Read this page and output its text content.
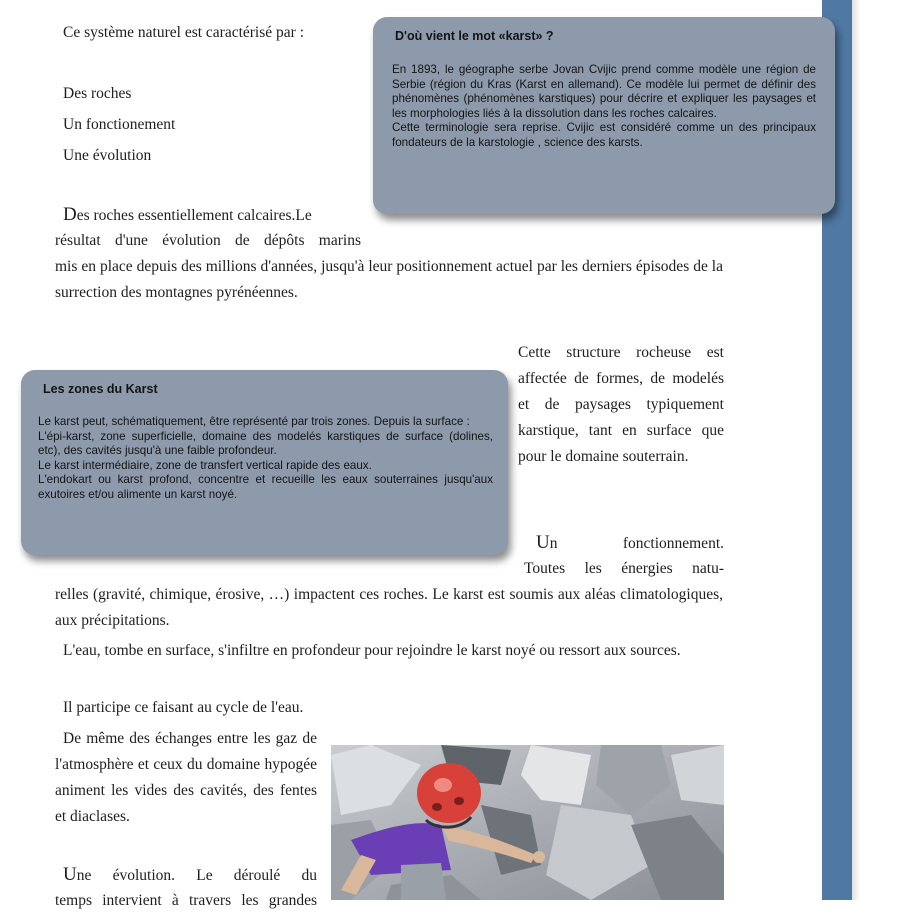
Ce système naturel est caractérisé par :

Des roches

Un fonctionement

Une évolution

D'où vient le mot «karst» ?

En 1893, le géographe serbe Jovan Cvijic prend comme modèle une région de Serbie (région du Kras (Karst en allemand). Ce modèle lui permet de définir des phénomènes (phénomènes karstiques) pour décrire et expliquer les paysages et les morphologies liés à la dissolution dans les roches calcaires.

Cette terminologie sera reprise. Cvijic est considéré comme un des principaux fondateurs de la karstologie , science des karsts.

Des roches essentiellement calcaires.Le

résultat d'une évolution de dépôts marins

mis en place depuis des millions d'années, jusqu'à leur positionnement actuel par les derniers épisodes de la surrection des montagnes pyrénéennes.

Cette structure rocheuse est affectée de formes, de modelés et de paysages typiquement karstique, tant en surface que pour le domaine souterrain.

Les zones du Karst

Le karst peut, schématiquement, être représenté par trois zones. Depuis la surface :

L'épi-karst, zone superficielle, domaine des modelés karstiques de surface (dolines, etc), des cavités jusqu'à une faible profondeur.

Le karst intermédiaire, zone de transfert vertical rapide des eaux.

L'endokart ou karst profond, concentre et recueille les eaux souterraines jusqu'aux exutoires et/ou alimente un karst noyé.

Un fonctionnement.

Toutes les énergies natu-

relles (gravité, chimique, érosive, …) impactent ces roches. Le karst est soumis aux aléas climatologiques, aux précipitations.

L'eau, tombe en surface, s'infiltre en profondeur pour rejoindre le karst noyé ou ressort aux sources.

Il participe ce faisant au cycle de l'eau.

De même des échanges entre les gaz de l'atmosphère et ceux du domaine hypogée animent les vides des cavités, des fentes et diaclases.

Une évolution. Le déroulé du

temps intervient à travers les grandes
